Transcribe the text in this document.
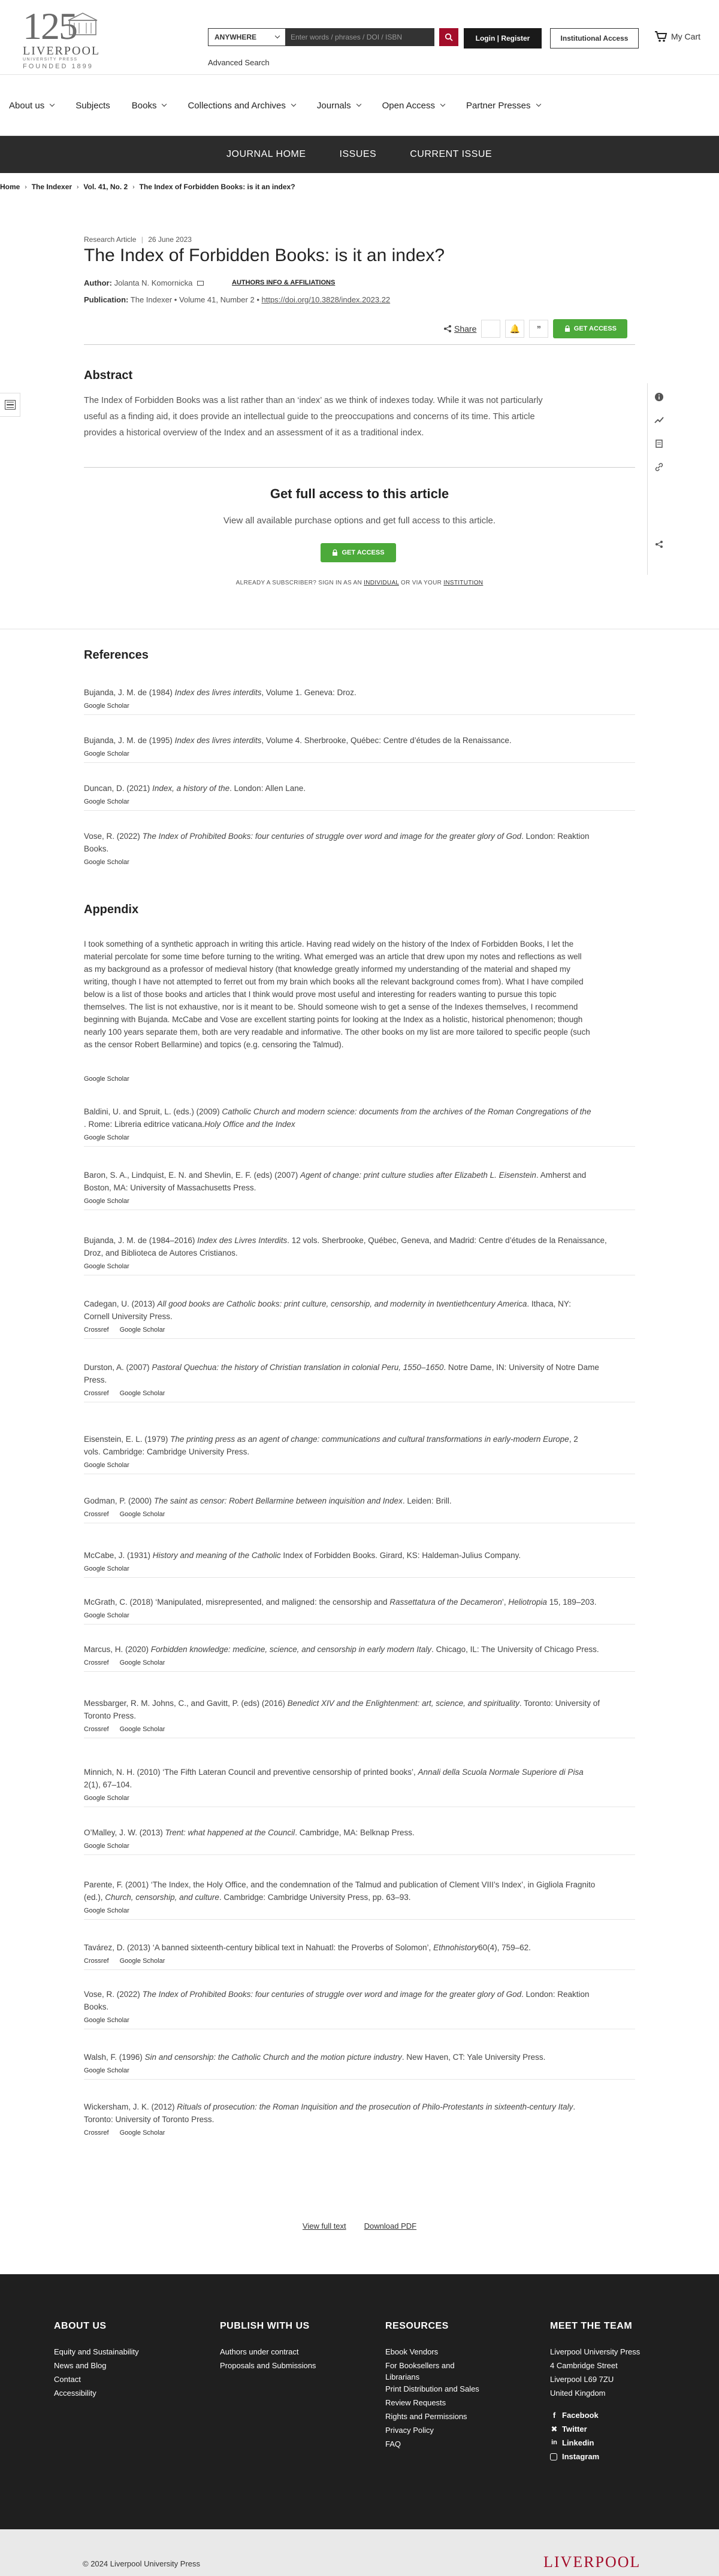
125
LIVERPOOL
UNIVERSITY PRESS
FOUNDED 1899
ANYWHERE	Enter words / phrases / DOI / ISBN
Advanced Search
Login | Register	Institutional Access	My Cart
About us	Subjects Books	Collections and Archives	Journals	Open Access	Partner Presses
JOURNAL HOME	ISSUES	CURRENT ISSUE
Home › The Indexer › Vol. 41, No. 2 › The Index of Forbidden Books: is it an index?
Research Article | 26 June 2023
The Index of Forbidden Books: is it an index?
Author: Jolanta N. Komornicka	AUTHORS INFO & AFFILIATIONS
Publication: The Indexer • Volume 41, Number 2 • https://doi.org/10.3828/index.2023.22
Share	🔔 ”	GET ACCESS
Abstract
The Index of Forbidden Books was a list rather than an ‘index’ as we think of indexes today. While it was not particularly
useful as a finding aid, it does provide an intellectual guide to the preoccupations and concerns of its time. This article
provides a historical overview of the Index and an assessment of it as a traditional index.
Get full access to this article
View all available purchase options and get full access to this article.
GET ACCESS
ALREADY A SUBSCRIBER? SIGN IN AS AN INDIVIDUAL OR VIA YOUR INSTITUTION
References
Bujanda, J. M. de (1984) Index des livres interdits, Volume 1. Geneva: Droz.
Google Scholar
Bujanda, J. M. de (1995) Index des livres interdits, Volume 4. Sherbrooke, Québec: Centre d’études de la Renaissance.
Google Scholar
Duncan, D. (2021) Index, a history of the. London: Allen Lane.
Google Scholar
Vose, R. (2022) The Index of Prohibited Books: four centuries of struggle over word and image for the greater glory of God. London: Reaktion
Books.
Google Scholar
Appendix
I took something of a synthetic approach in writing this article. Having read widely on the history of the Index of Forbidden Books, I let the
material percolate for some time before turning to the writing. What emerged was an article that drew upon my notes and reflections as well
as my background as a professor of medieval history (that knowledge greatly informed my understanding of the material and shaped my
writing, though I have not attempted to ferret out from my brain which books all the relevant background comes from). What I have compiled
below is a list of those books and articles that I think would prove most useful and interesting for readers wanting to pursue this topic
themselves. The list is not exhaustive, nor is it meant to be. Should someone wish to get a sense of the Indexes themselves, I recommend
beginning with Bujanda. McCabe and Vose are excellent starting points for looking at the Index as a holistic, historical phenomenon; though
nearly 100 years separate them, both are very readable and informative. The other books on my list are more tailored to specific people (such
as the censor Robert Bellarmine) and topics (e.g. censoring the Talmud).
Google Scholar
Baldini, U. and Spruit, L. (eds.) (2009) Catholic Church and modern science: documents from the archives of the Roman Congregations of the
. Rome: Libreria editrice vaticana.Holy Office and the Index
Google Scholar
Baron, S. A., Lindquist, E. N. and Shevlin, E. F. (eds) (2007) Agent of change: print culture studies after Elizabeth L. Eisenstein. Amherst and
Boston, MA: University of Massachusetts Press.
Google Scholar
Bujanda, J. M. de (1984–2016) Index des Livres Interdits. 12 vols. Sherbrooke, Québec, Geneva, and Madrid: Centre d’études de la Renaissance,
Droz, and Biblioteca de Autores Cristianos.
Google Scholar
Cadegan, U. (2013) All good books are Catholic books: print culture, censorship, and modernity in twentiethcentury America. Ithaca, NY:
Cornell University Press.
Crossref Google Scholar
Durston, A. (2007) Pastoral Quechua: the history of Christian translation in colonial Peru, 1550–1650. Notre Dame, IN: University of Notre Dame
Press.
Crossref Google Scholar
Eisenstein, E. L. (1979) The printing press as an agent of change: communications and cultural transformations in early-modern Europe, 2
vols. Cambridge: Cambridge University Press.
Google Scholar
Godman, P. (2000) The saint as censor: Robert Bellarmine between inquisition and Index. Leiden: Brill.
Crossref Google Scholar
McCabe, J. (1931) History and meaning of the Catholic Index of Forbidden Books. Girard, KS: Haldeman-Julius Company.
Google Scholar
McGrath, C. (2018) ‘Manipulated, misrepresented, and maligned: the censorship and Rassettatura of the Decameron’, Heliotropia 15, 189–203.
Google Scholar
Marcus, H. (2020) Forbidden knowledge: medicine, science, and censorship in early modern Italy. Chicago, IL: The University of Chicago Press.
Crossref Google Scholar
Messbarger, R. M. Johns, C., and Gavitt, P. (eds) (2016) Benedict XIV and the Enlightenment: art, science, and spirituality. Toronto: University of
Toronto Press.
Crossref Google Scholar
Minnich, N. H. (2010) ‘The Fifth Lateran Council and preventive censorship of printed books’, Annali della Scuola Normale Superiore di Pisa
2(1), 67–104.
Google Scholar
O’Malley, J. W. (2013) Trent: what happened at the Council. Cambridge, MA: Belknap Press.
Google Scholar
Parente, F. (2001) ‘The Index, the Holy Office, and the condemnation of the Talmud and publication of Clement VIII’s Index’, in Gigliola Fragnito
(ed.), Church, censorship, and culture. Cambridge: Cambridge University Press, pp. 63–93.
Google Scholar
Tavárez, D. (2013) ‘A banned sixteenth-century biblical text in Nahuatl: the Proverbs of Solomon’, Ethnohistory60(4), 759–62.
Crossref Google Scholar
Vose, R. (2022) The Index of Prohibited Books: four centuries of struggle over word and image for the greater glory of God. London: Reaktion
Books.
Google Scholar
Walsh, F. (1996) Sin and censorship: the Catholic Church and the motion picture industry. New Haven, CT: Yale University Press.
Google Scholar
Wickersham, J. K. (2012) Rituals of prosecution: the Roman Inquisition and the prosecution of Philo-Protestants in sixteenth-century Italy.
Toronto: University of Toronto Press.
Crossref Google Scholar
View full text Download PDF
ABOUT US
Equity and Sustainability
News and Blog
Contact
Accessibility
PUBLISH WITH US
Authors under contract
Proposals and Submissions
RESOURCES
Ebook Vendors
For Booksellers and
Librarians
Print Distribution and Sales
Review Requests
Rights and Permissions
Privacy Policy
FAQ
MEET THE TEAM
Liverpool University Press
4 Cambridge Street
Liverpool L69 7ZU
United Kingdom
f Facebook
✖ Twitter
in Linkedin
Instagram
© 2024 Liverpool University Press	LIVERPOOL
